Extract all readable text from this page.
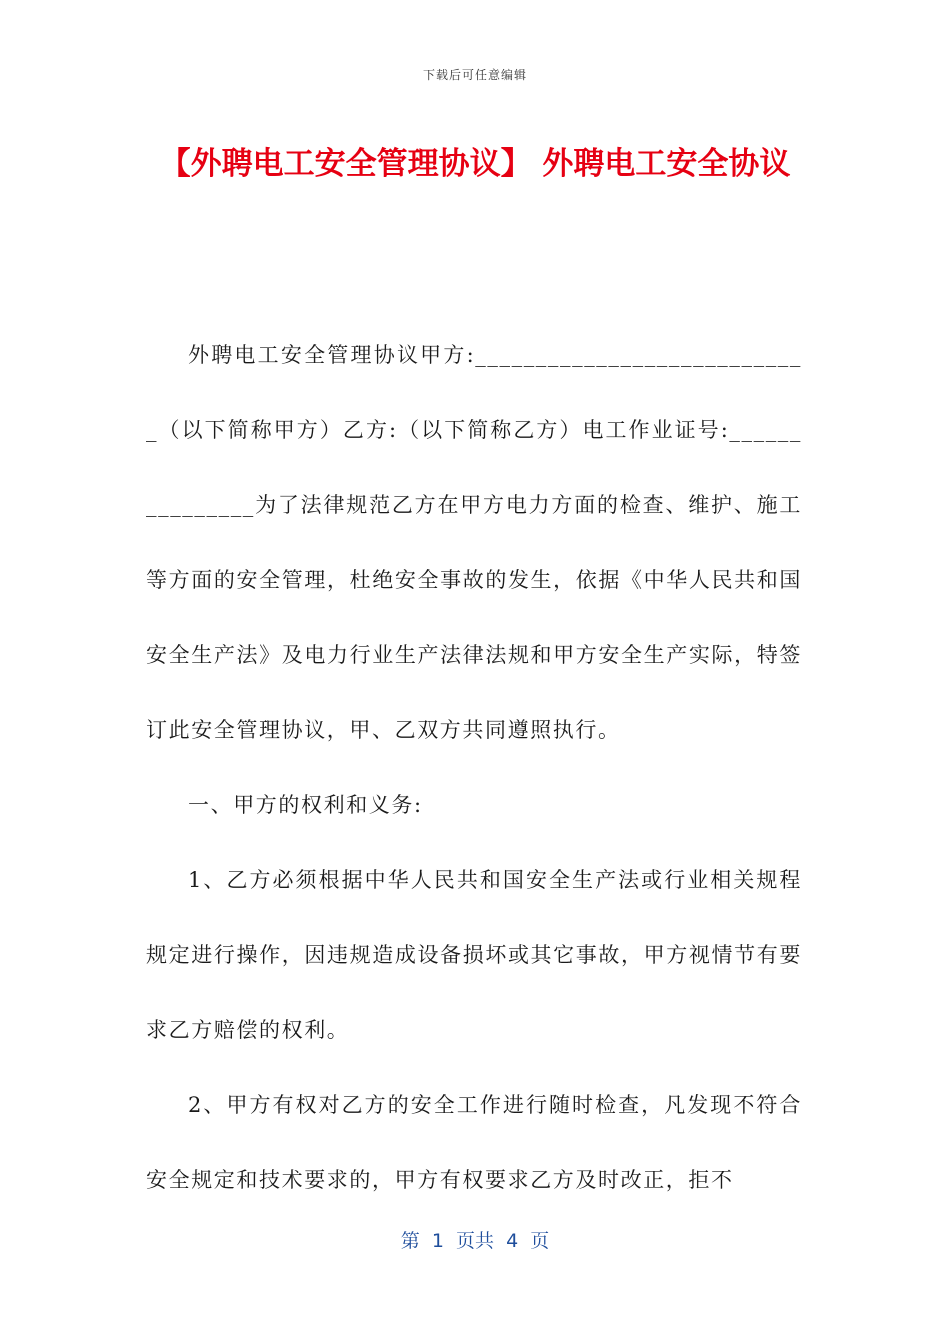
下载后可任意编辑
【外聘电工安全管理协议】 外聘电工安全协议

外聘电工安全管理协议甲方:____________________________（以下简称甲方）乙方:（以下简称乙方）电工作业证号:_______________为了法律规范乙方在甲方电力方面的检查、维护、施工等方面的安全管理，杜绝安全事故的发生，依据《中华人民共和国安全生产法》及电力行业生产法律法规和甲方安全生产实际，特签订此安全管理协议，甲、乙双方共同遵照执行。

一、甲方的权利和义务:

1、乙方必须根据中华人民共和国安全生产法或行业相关规程规定进行操作，因违规造成设备损坏或其它事故，甲方视情节有要求乙方赔偿的权利。

2、甲方有权对乙方的安全工作进行随时检查，凡发现不符合安全规定和技术要求的，甲方有权要求乙方及时改正，拒不

第  1  页共  4  页
